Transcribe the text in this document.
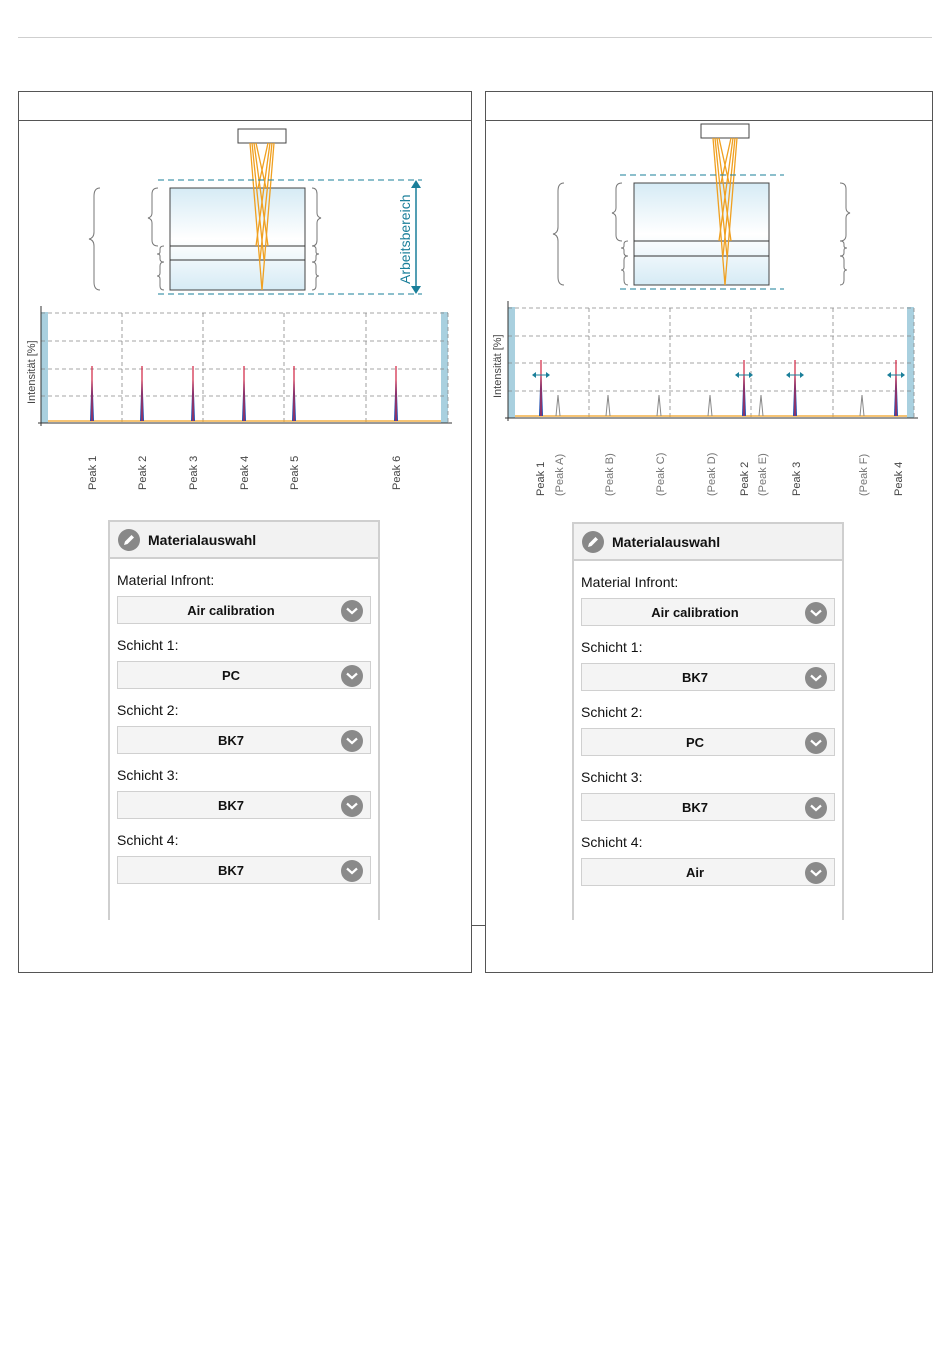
Arbeitsbereich
Intensität [%]
Peak 1	Peak 2	Peak 3	Peak 4	Peak 5	Peak 6
Intensität [%]
Peak 1 (Peak A)	(Peak B)	(Peak C)	(Peak D) Peak 2 (Peak E) Peak 3	(Peak F) Peak 4
Materialauswahl
Material Infront:
Air calibration
Schicht 1:
PC
Schicht 2:
BK7
Schicht 3:
BK7
Schicht 4:
BK7
Materialauswahl
Material Infront:
Air calibration
Schicht 1:
BK7
Schicht 2:
PC
Schicht 3:
BK7
Schicht 4:
Air
